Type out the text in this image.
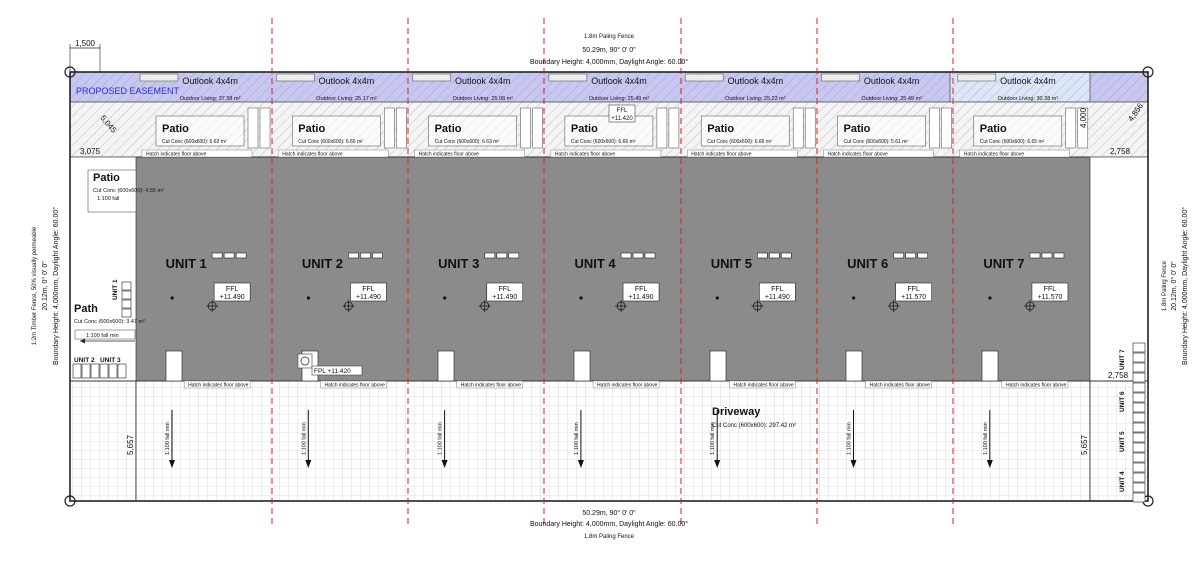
Outlook 4x4m
Outdoor Living: 37.58 m²
Patio
Cut Conc (600x600): 6.63 m²
Hatch indicates floor above
UNIT 1
FFL
+11.490
Hatch indicates floor above
1:100 fall min
Outlook 4x4m
Outdoor Living: 25.17 m²
Patio
Cut Conc (600x600): 6.65 m²
Hatch indicates floor above
UNIT 2
FFL
+11.490
Hatch indicates floor above
1:100 fall min
Outlook 4x4m
Outdoor Living: 25.08 m²
Patio
Cut Conc (600x600): 6.63 m²
Hatch indicates floor above
UNIT 3
FFL
+11.490
Hatch indicates floor above
1:100 fall min
Outlook 4x4m
Outdoor Living: 25.49 m²
Patio
Cut Conc (600x600): 6.66 m²
Hatch indicates floor above
UNIT 4
FFL
+11.490
Hatch indicates floor above
1:100 fall min
Outlook 4x4m
Outdoor Living: 25.23 m²
Patio
Cut Conc (600x600): 6.66 m²
Hatch indicates floor above
UNIT 5
FFL
+11.490
Hatch indicates floor above
1:100 fall min
Outlook 4x4m
Outdoor Living: 25.49 m²
Patio
Cut Conc (600x600): 5.61 m²
Hatch indicates floor above
UNIT 6
FFL
+11.570
Hatch indicates floor above
1:100 fall min
Outlook 4x4m
Outdoor Living: 30.38 m²
Patio
Cut Conc (600x600): 6.65 m²
Hatch indicates floor above
UNIT 7
FFL
+11.570
Hatch indicates floor above
1:100 fall min
1.8m Paling Fence
50.29m, 90° 0' 0"
Boundary Height: 4,000mm, Daylight Angle: 60.00°
50.29m, 90° 0' 0"
Boundary Height: 4,000mm, Daylight Angle: 60.00°
1.8m Paling Fence
1.2m Timber Fence, 50% visually permeable 20.12m, 0° 0' 0" Boundary Height: 4,000mm, Daylight Angle: 60.00°	1.8m Paling Fence 20.12m, 0° 0' 0" Boundary Height: 4,000mm, Daylight Angle: 60.00°
PROPOSED EASEMENT
1,500
3,075
5,045
2,758
2,758
4,000	4,856
5,657	5,657
Patio
Cut Conc (600x600): 4.55 m²
1:100 fall
Path
Cut Conc (600x600): 3.47 m²
1:100 fall min
UNIT 1
UNIT 2 UNIT 3	UNIT 7
UNIT 6
UNIT 5
UNIT 4
Driveway
Cut Conc (600x600): 297.42 m²
FPL +11.420
FFL
+11.420
